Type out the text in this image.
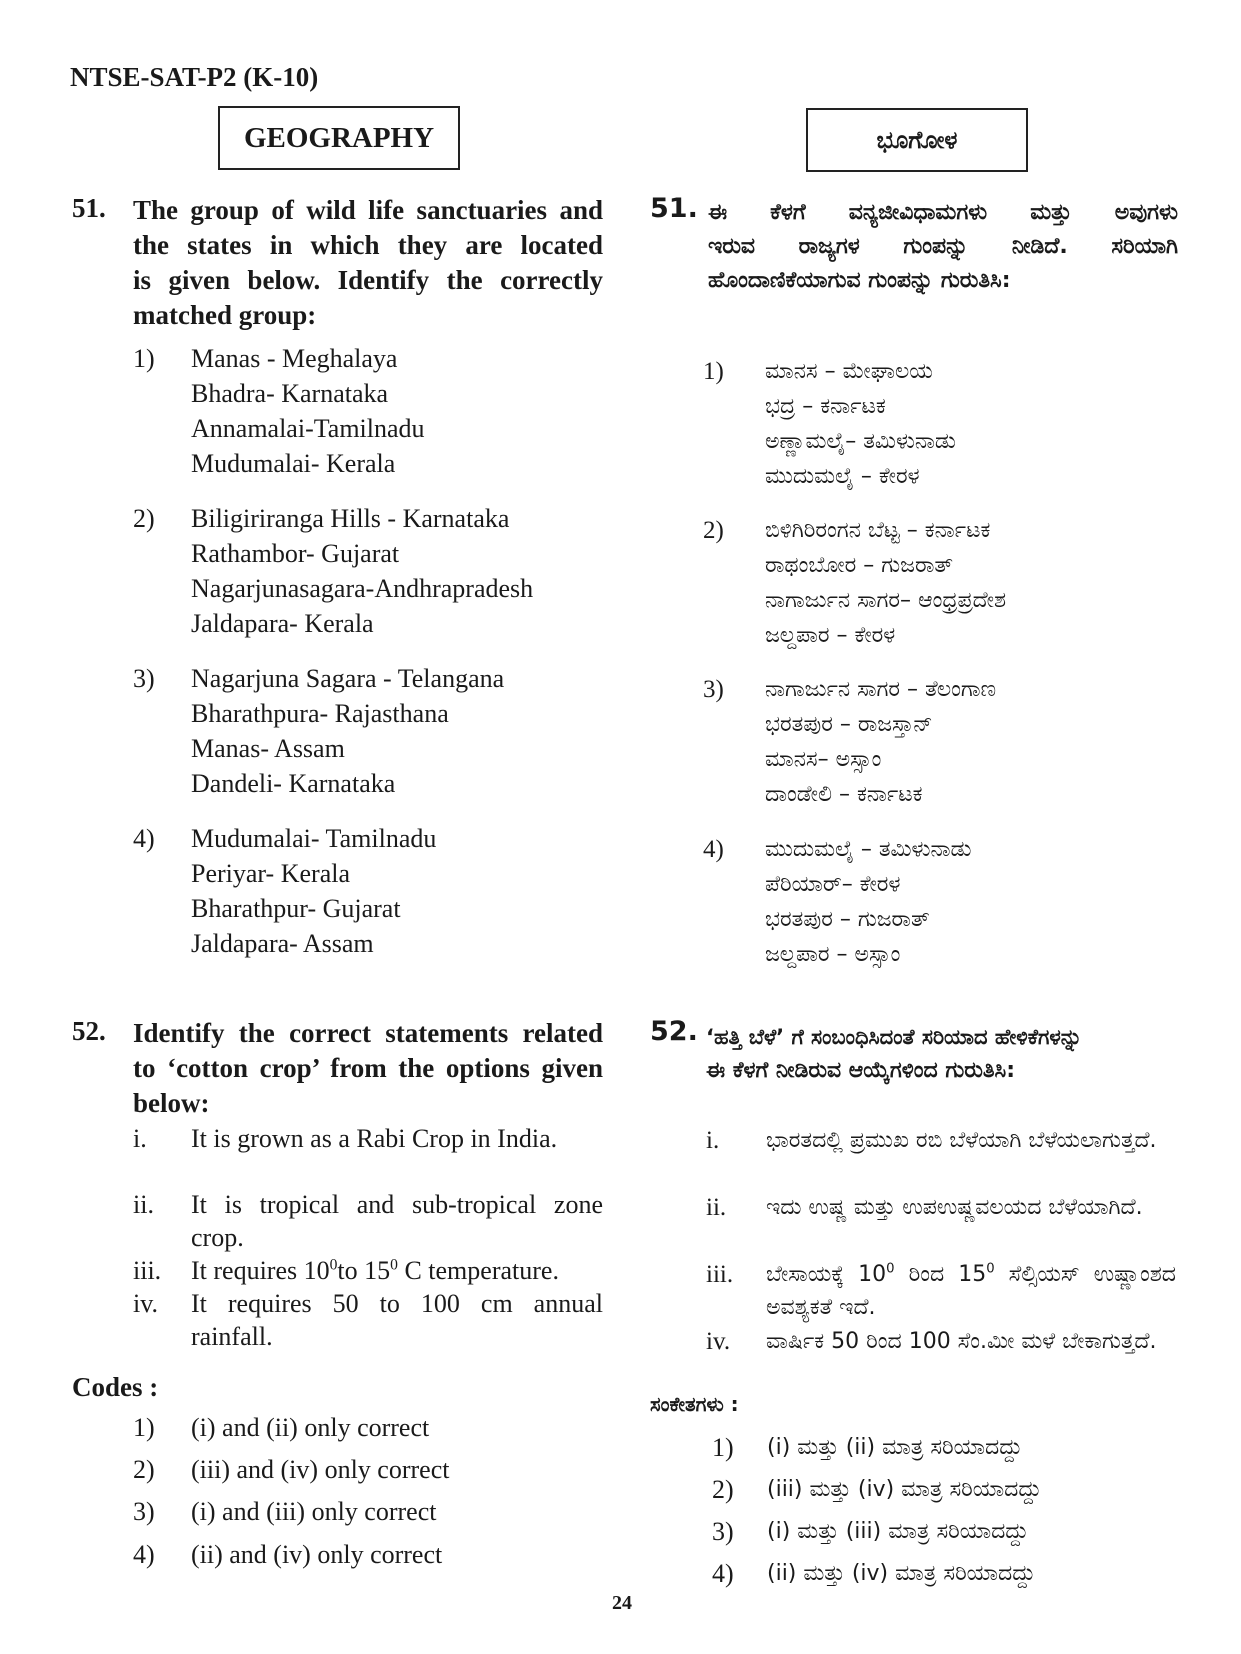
NTSE-SAT-P2 (K-10)
GEOGRAPHY	ಭೂಗೋಳ
51. The group of wild life sanctuaries and
the states in which they are located
is given below. Identify the correctly
matched group:
1) Manas - Meghalaya
Bhadra- Karnataka
Annamalai-Tamilnadu
Mudumalai- Kerala
2) Biligiriranga Hills - Karnataka
Rathambor- Gujarat
Nagarjunasagara-Andhrapradesh
Jaldapara- Kerala
3) Nagarjuna Sagara - Telangana
Bharathpura- Rajasthana
Manas- Assam
Dandeli- Karnataka
4) Mudumalai- Tamilnadu
Periyar- Kerala
Bharathpur- Gujarat
Jaldapara- Assam
51. ಈ ಕೆಳಗೆ ವನ್ಯಜೀವಿಧಾಮಗಳು ಮತ್ತು ಅವುಗಳು
ಇರುವ ರಾಜ್ಯಗಳ ಗುಂಪನ್ನು ನೀಡಿದೆ. ಸರಿಯಾಗಿ
ಹೊಂದಾಣಿಕೆಯಾಗುವ ಗುಂಪನ್ನು ಗುರುತಿಸಿ:
1) ಮಾನಸ – ಮೇಘಾಲಯ
ಭದ್ರ – ಕರ್ನಾಟಕ
ಅಣ್ಣಾಮಲೈ– ತಮಿಳುನಾಡು
ಮುದುಮಲೈ – ಕೇರಳ
2) ಬಿಳಿಗಿರಿರಂಗನ ಬೆಟ್ಟ – ಕರ್ನಾಟಕ
ರಾಥಂಬೋರ – ಗುಜರಾತ್
ನಾಗಾರ್ಜುನ ಸಾಗರ– ಆಂಧ್ರಪ್ರದೇಶ
ಜಲ್ದಪಾರ – ಕೇರಳ
3) ನಾಗಾರ್ಜುನ ಸಾಗರ – ತೆಲಂಗಾಣ
ಭರತಪುರ – ರಾಜಸ್ತಾನ್
ಮಾನಸ– ಅಸ್ಸಾಂ
ದಾಂಡೇಲಿ – ಕರ್ನಾಟಕ
4) ಮುದುಮಲೈ – ತಮಿಳುನಾಡು
ಪೆರಿಯಾರ್– ಕೇರಳ
ಭರತಪುರ – ಗುಜರಾತ್
ಜಲ್ದಪಾರ – ಅಸ್ಸಾಂ
52. Identify the correct statements related
to ‘cotton crop’ from the options given
below:
i. It is grown as a Rabi Crop in India.
ii. It is tropical and sub-tropical zone crop.
iii. It requires $10^0to$ $15^0$ C temperature.
iv. It requires 50 to 100 cm annual rainfall.
Codes :
1) (i) and (ii) only correct
2) (iii) and (iv) only correct
3) (i) and (iii) only correct
4) (ii) and (iv) only correct
52. ‘ಹತ್ತಿ ಬೆಳೆ’ ಗೆ ಸಂಬಂಧಿಸಿದಂತೆ ಸರಿಯಾದ ಹೇಳಿಕೆಗಳನ್ನು
ಈ ಕೆಳಗೆ ನೀಡಿರುವ ಆಯ್ಕೆಗಳಿಂದ ಗುರುತಿಸಿ:
i. ಭಾರತದಲ್ಲಿ ಪ್ರಮುಖ ರಬಿ ಬೆಳೆಯಾಗಿ ಬೆಳೆಯಲಾಗುತ್ತದೆ.
ii. ಇದು ಉಷ್ಣ ಮತ್ತು ಉಪಉಷ್ಣವಲಯದ ಬೆಳೆಯಾಗಿದೆ.
iii. ಬೇಸಾಯಕ್ಕೆ $10^0$ ರಿಂದ $15^0$ ಸೆಲ್ಸಿಯಸ್ ಉಷ್ಣಾಂಶದ ಅವಶ್ಯಕತೆ ಇದೆ.
iv. ವಾರ್ಷಿಕ 50 ರಿಂದ 100 ಸೆಂ.ಮೀ ಮಳೆ ಬೇಕಾಗುತ್ತದೆ.
ಸಂಕೇತಗಳು :
1) (i) ಮತ್ತು (ii) ಮಾತ್ರ ಸರಿಯಾದದ್ದು
2) (iii) ಮತ್ತು (iv) ಮಾತ್ರ ಸರಿಯಾದದ್ದು
3) (i) ಮತ್ತು (iii) ಮಾತ್ರ ಸರಿಯಾದದ್ದು
4) (ii) ಮತ್ತು (iv) ಮಾತ್ರ ಸರಿಯಾದದ್ದು
24
